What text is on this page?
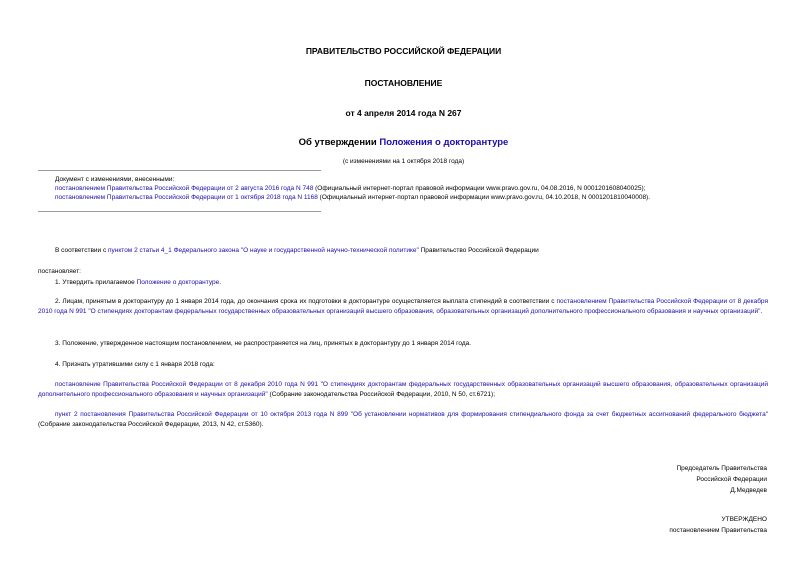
ПРАВИТЕЛЬСТВО РОССИЙСКОЙ ФЕДЕРАЦИИ
ПОСТАНОВЛЕНИЕ
от 4 апреля 2014 года N 267
Об утверждении Положения о докторантуре
(с изменениями на 1 октября 2018 года)
Документ с изменениями, внесенными:
постановлением Правительства Российской Федерации от 2 августа 2016 года N 748 (Официальный интернет-портал правовой информации www.pravo.gov.ru, 04.08.2016, N 0001201608040025);
постановлением Правительства Российской Федерации от 1 октября 2018 года N 1168 (Официальный интернет-портал правовой информации www.pravo.gov.ru, 04.10.2018, N 0001201810040008).
В соответствии с пунктом 2 статьи 4_1 Федерального закона "О науке и государственной научно-технической политике" Правительство Российской Федерации
постановляет:
1. Утвердить прилагаемое Положение о докторантуре.
2. Лицам, принятым в докторантуру до 1 января 2014 года, до окончания срока их подготовки в докторантуре осуществляется выплата стипендий в соответствии с постановлением Правительства Российской Федерации от 8 декабря 2010 года N 991 "О стипендиях докторантам федеральных государственных образовательных организаций высшего образования, образовательных организаций дополнительного профессионального образования и научных организаций".
3. Положение, утвержденное настоящим постановлением, не распространяется на лиц, принятых в докторантуру до 1 января 2014 года.
4. Признать утратившими силу с 1 января 2018 года:
постановление Правительства Российской Федерации от 8 декабря 2010 года N 991 "О стипендиях докторантам федеральных государственных образовательных организаций высшего образования, образовательных организаций дополнительного профессионального образования и научных организаций" (Собрание законодательства Российской Федерации, 2010, N 50, ст.6721);
пункт 2 постановления Правительства Российской Федерации от 10 октября 2013 года N 899 "Об установлении нормативов для формирования стипендиального фонда за счет бюджетных ассигнований федерального бюджета" (Собрание законодательства Российской Федерации, 2013, N 42, ст.5360).
Председатель Правительства
Российской Федерации
Д.Медведев
УТВЕРЖДЕНО
постановлением Правительства
